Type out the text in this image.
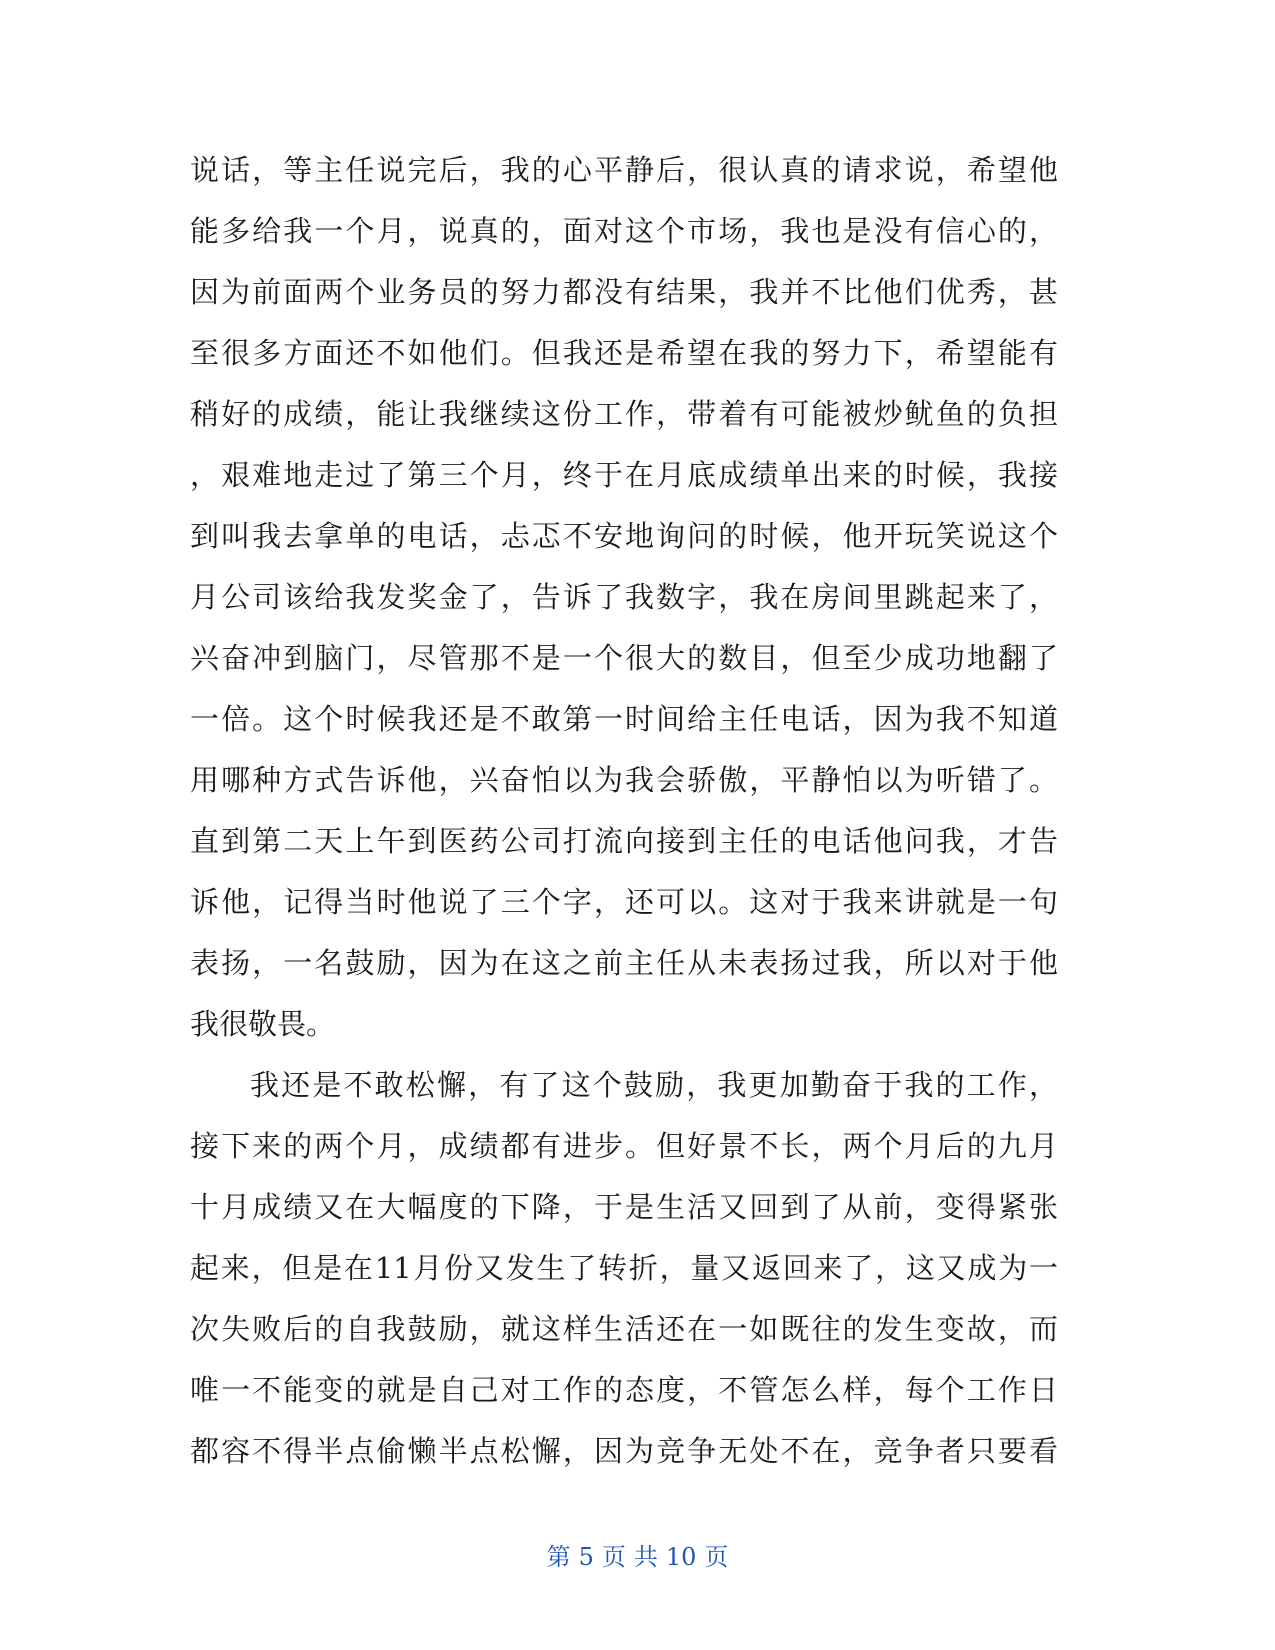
说话，等主任说完后，我的心平静后，很认真的请求说，希望他
能多给我一个月，说真的，面对这个市场，我也是没有信心的，
因为前面两个业务员的努力都没有结果，我并不比他们优秀，甚
至很多方面还不如他们。但我还是希望在我的努力下，希望能有
稍好的成绩，能让我继续这份工作，带着有可能被炒鱿鱼的负担
，艰难地走过了第三个月，终于在月底成绩单出来的时候，我接
到叫我去拿单的电话，忐忑不安地询问的时候，他开玩笑说这个
月公司该给我发奖金了，告诉了我数字，我在房间里跳起来了，
兴奋冲到脑门，尽管那不是一个很大的数目，但至少成功地翻了
一倍。这个时候我还是不敢第一时间给主任电话，因为我不知道
用哪种方式告诉他，兴奋怕以为我会骄傲，平静怕以为听错了。
直到第二天上午到医药公司打流向接到主任的电话他问我，才告
诉他，记得当时他说了三个字，还可以。这对于我来讲就是一句
表扬，一名鼓励，因为在这之前主任从未表扬过我，所以对于他
我很敬畏。
我还是不敢松懈，有了这个鼓励，我更加勤奋于我的工作，
接下来的两个月，成绩都有进步。但好景不长，两个月后的九月
十月成绩又在大幅度的下降，于是生活又回到了从前，变得紧张
起来，但是在11月份又发生了转折，量又返回来了，这又成为一
次失败后的自我鼓励，就这样生活还在一如既往的发生变故，而
唯一不能变的就是自己对工作的态度，不管怎么样，每个工作日
都容不得半点偷懒半点松懈，因为竞争无处不在，竞争者只要看
第 5 页 共 10 页
